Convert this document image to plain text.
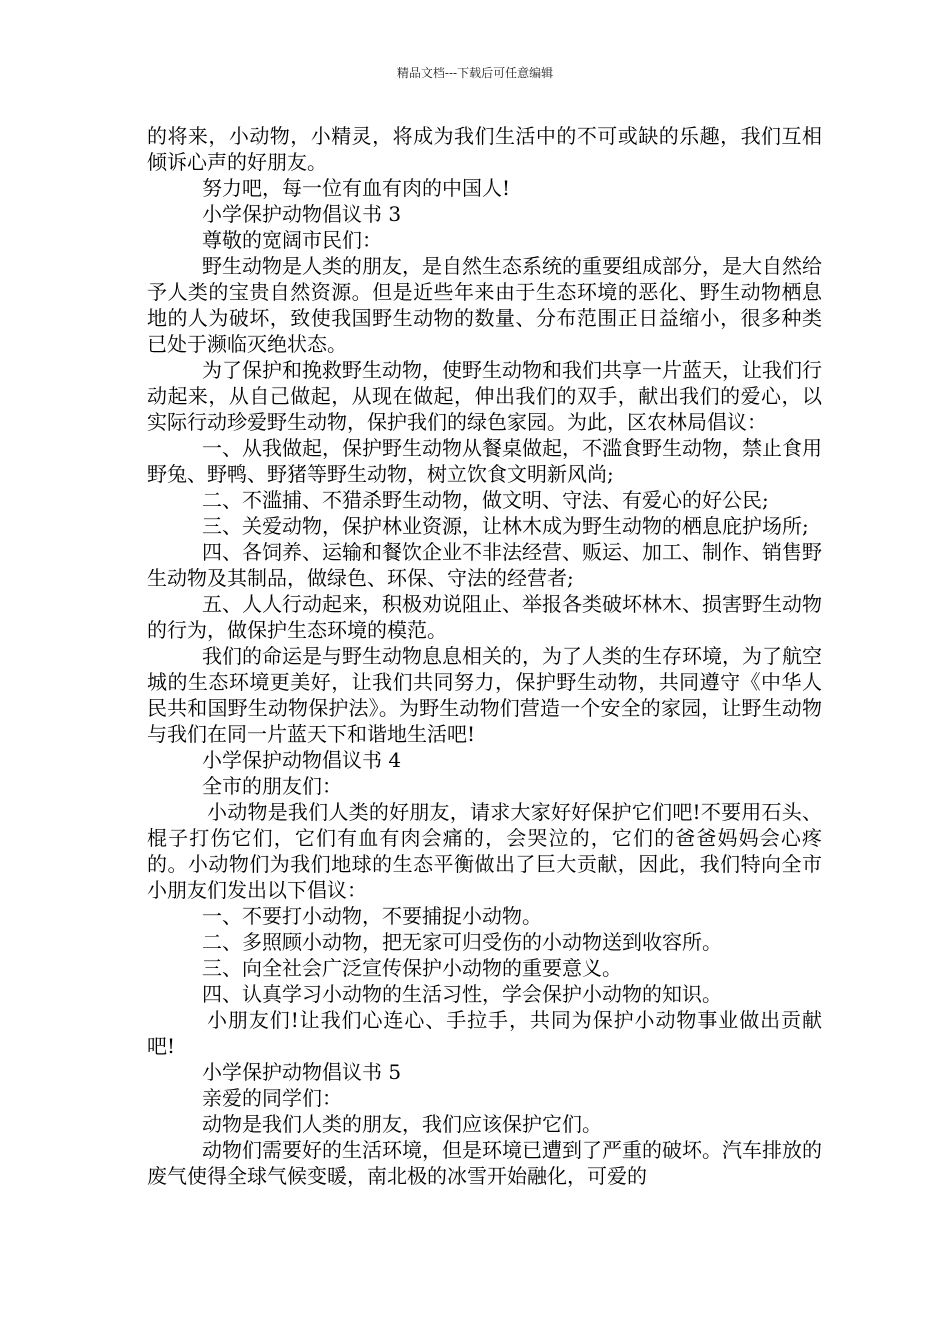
精品文档---下载后可任意编辑

的将来，小动物，小精灵，将成为我们生活中的不可或缺的乐趣，我们互相倾诉心声的好朋友。

努力吧，每一位有血有肉的中国人!

小学保护动物倡议书 3

尊敬的宽阔市民们：

野生动物是人类的朋友，是自然生态系统的重要组成部分，是大自然给予人类的宝贵自然资源。但是近些年来由于生态环境的恶化、野生动物栖息地的人为破坏，致使我国野生动物的数量、分布范围正日益缩小，很多种类已处于濒临灭绝状态。

为了保护和挽救野生动物，使野生动物和我们共享一片蓝天，让我们行动起来，从自己做起，从现在做起，伸出我们的双手，献出我们的爱心，以实际行动珍爱野生动物，保护我们的绿色家园。为此，区农林局倡议：

一、从我做起，保护野生动物从餐桌做起，不滥食野生动物，禁止食用野兔、野鸭、野猪等野生动物，树立饮食文明新风尚;

二、不滥捕、不猎杀野生动物，做文明、守法、有爱心的好公民;

三、关爱动物，保护林业资源，让林木成为野生动物的栖息庇护场所;

四、各饲养、运输和餐饮企业不非法经营、贩运、加工、制作、销售野生动物及其制品，做绿色、环保、守法的经营者;

五、人人行动起来，积极劝说阻止、举报各类破坏林木、损害野生动物的行为，做保护生态环境的模范。

我们的命运是与野生动物息息相关的，为了人类的生存环境，为了航空城的生态环境更美好，让我们共同努力，保护野生动物，共同遵守《中华人民共和国野生动物保护法》。为野生动物们营造一个安全的家园，让野生动物与我们在同一片蓝天下和谐地生活吧!

小学保护动物倡议书 4

全市的朋友们：

小动物是我们人类的好朋友，请求大家好好保护它们吧!不要用石头、棍子打伤它们，它们有血有肉会痛的，会哭泣的，它们的爸爸妈妈会心疼的。小动物们为我们地球的生态平衡做出了巨大贡献，因此，我们特向全市小朋友们发出以下倡议：

一、不要打小动物，不要捕捉小动物。

二、多照顾小动物，把无家可归受伤的小动物送到收容所。

三、向全社会广泛宣传保护小动物的重要意义。

四、认真学习小动物的生活习性，学会保护小动物的知识。

小朋友们!让我们心连心、手拉手，共同为保护小动物事业做出贡献吧!

小学保护动物倡议书 5

亲爱的同学们：

动物是我们人类的朋友，我们应该保护它们。

动物们需要好的生活环境，但是环境已遭到了严重的破坏。汽车排放的废气使得全球气候变暖，南北极的冰雪开始融化，可爱的
